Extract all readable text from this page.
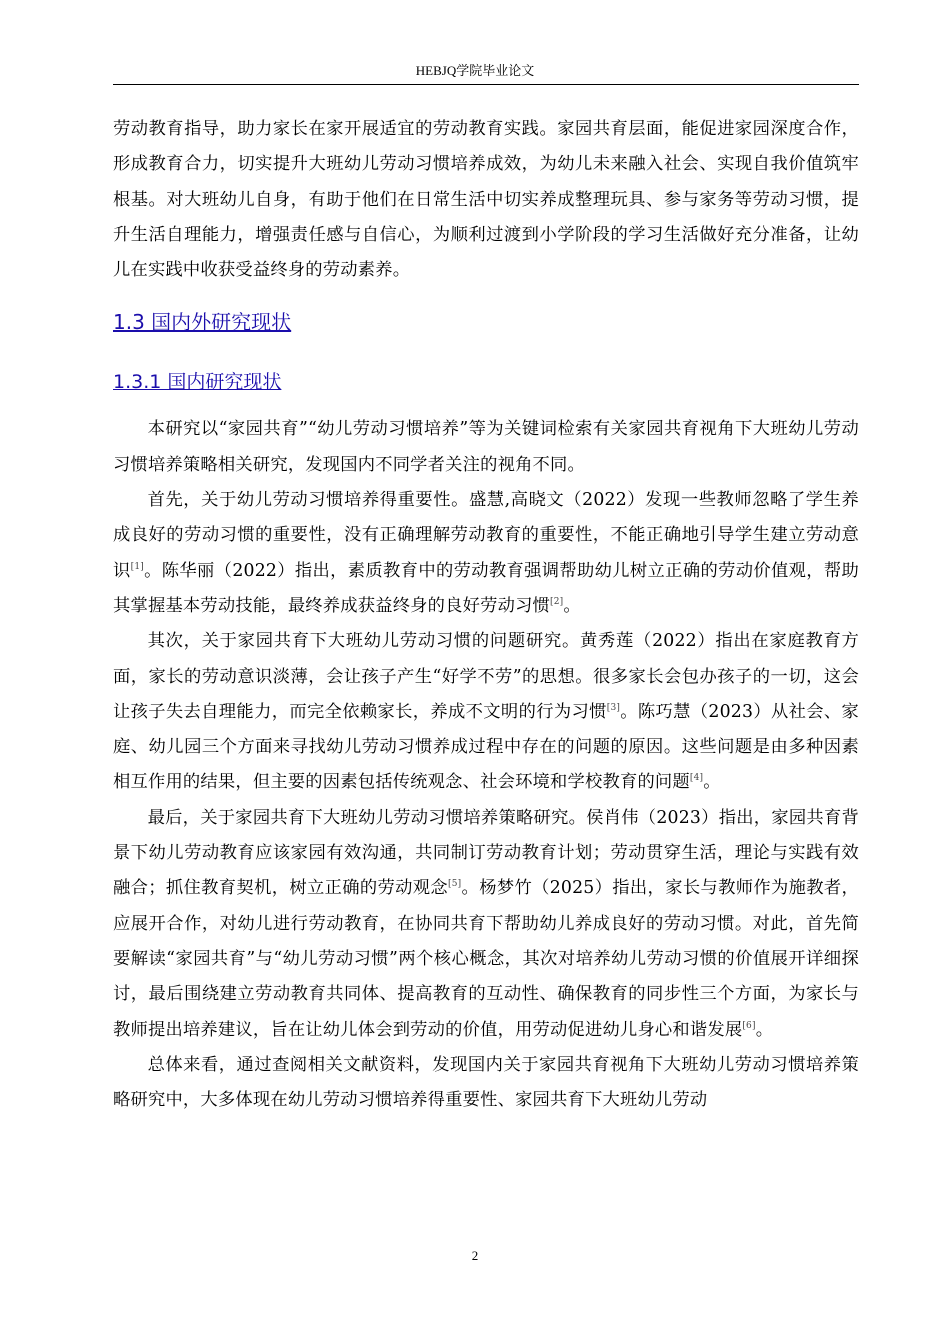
HEBJQ学院毕业论文

劳动教育指导，助力家长在家开展适宜的劳动教育实践。家园共育层面，能促进家园深度合作，形成教育合力，切实提升大班幼儿劳动习惯培养成效，为幼儿未来融入社会、实现自我价值筑牢根基。对大班幼儿自身，有助于他们在日常生活中切实养成整理玩具、参与家务等劳动习惯，提升生活自理能力，增强责任感与自信心，为顺利过渡到小学阶段的学习生活做好充分准备，让幼儿在实践中收获受益终身的劳动素养。

1.3 国内外研究现状
1.3.1 国内研究现状

本研究以“家园共育”“幼儿劳动习惯培养”等为关键词检索有关家园共育视角下大班幼儿劳动习惯培养策略相关研究，发现国内不同学者关注的视角不同。

首先，关于幼儿劳动习惯培养得重要性。盛慧,高晓文（2022）发现一些教师忽略了学生养成良好的劳动习惯的重要性，没有正确理解劳动教育的重要性，不能正确地引导学生建立劳动意识[1]。陈华丽（2022）指出，素质教育中的劳动教育强调帮助幼儿树立正确的劳动价值观，帮助其掌握基本劳动技能，最终养成获益终身的良好劳动习惯[2]。

其次，关于家园共育下大班幼儿劳动习惯的问题研究。黄秀莲（2022）指出在家庭教育方面，家长的劳动意识淡薄，会让孩子产生“好学不劳”的思想。很多家长会包办孩子的一切，这会让孩子失去自理能力，而完全依赖家长，养成不文明的行为习惯[3]。陈巧慧（2023）从社会、家庭、幼儿园三个方面来寻找幼儿劳动习惯养成过程中存在的问题的原因。这些问题是由多种因素相互作用的结果，但主要的因素包括传统观念、社会环境和学校教育的问题[4]。

最后，关于家园共育下大班幼儿劳动习惯培养策略研究。侯肖伟（2023）指出，家园共育背景下幼儿劳动教育应该家园有效沟通，共同制订劳动教育计划；劳动贯穿生活，理论与实践有效融合；抓住教育契机，树立正确的劳动观念[5]。杨梦竹（2025）指出，家长与教师作为施教者，应展开合作，对幼儿进行劳动教育，在协同共育下帮助幼儿养成良好的劳动习惯。对此，首先简要解读“家园共育”与“幼儿劳动习惯”两个核心概念，其次对培养幼儿劳动习惯的价值展开详细探讨，最后围绕建立劳动教育共同体、提高教育的互动性、确保教育的同步性三个方面，为家长与教师提出培养建议，旨在让幼儿体会到劳动的价值，用劳动促进幼儿身心和谐发展[6]。

总体来看，通过查阅相关文献资料，发现国内关于家园共育视角下大班幼儿劳动习惯培养策略研究中，大多体现在幼儿劳动习惯培养得重要性、家园共育下大班幼儿劳动

2
